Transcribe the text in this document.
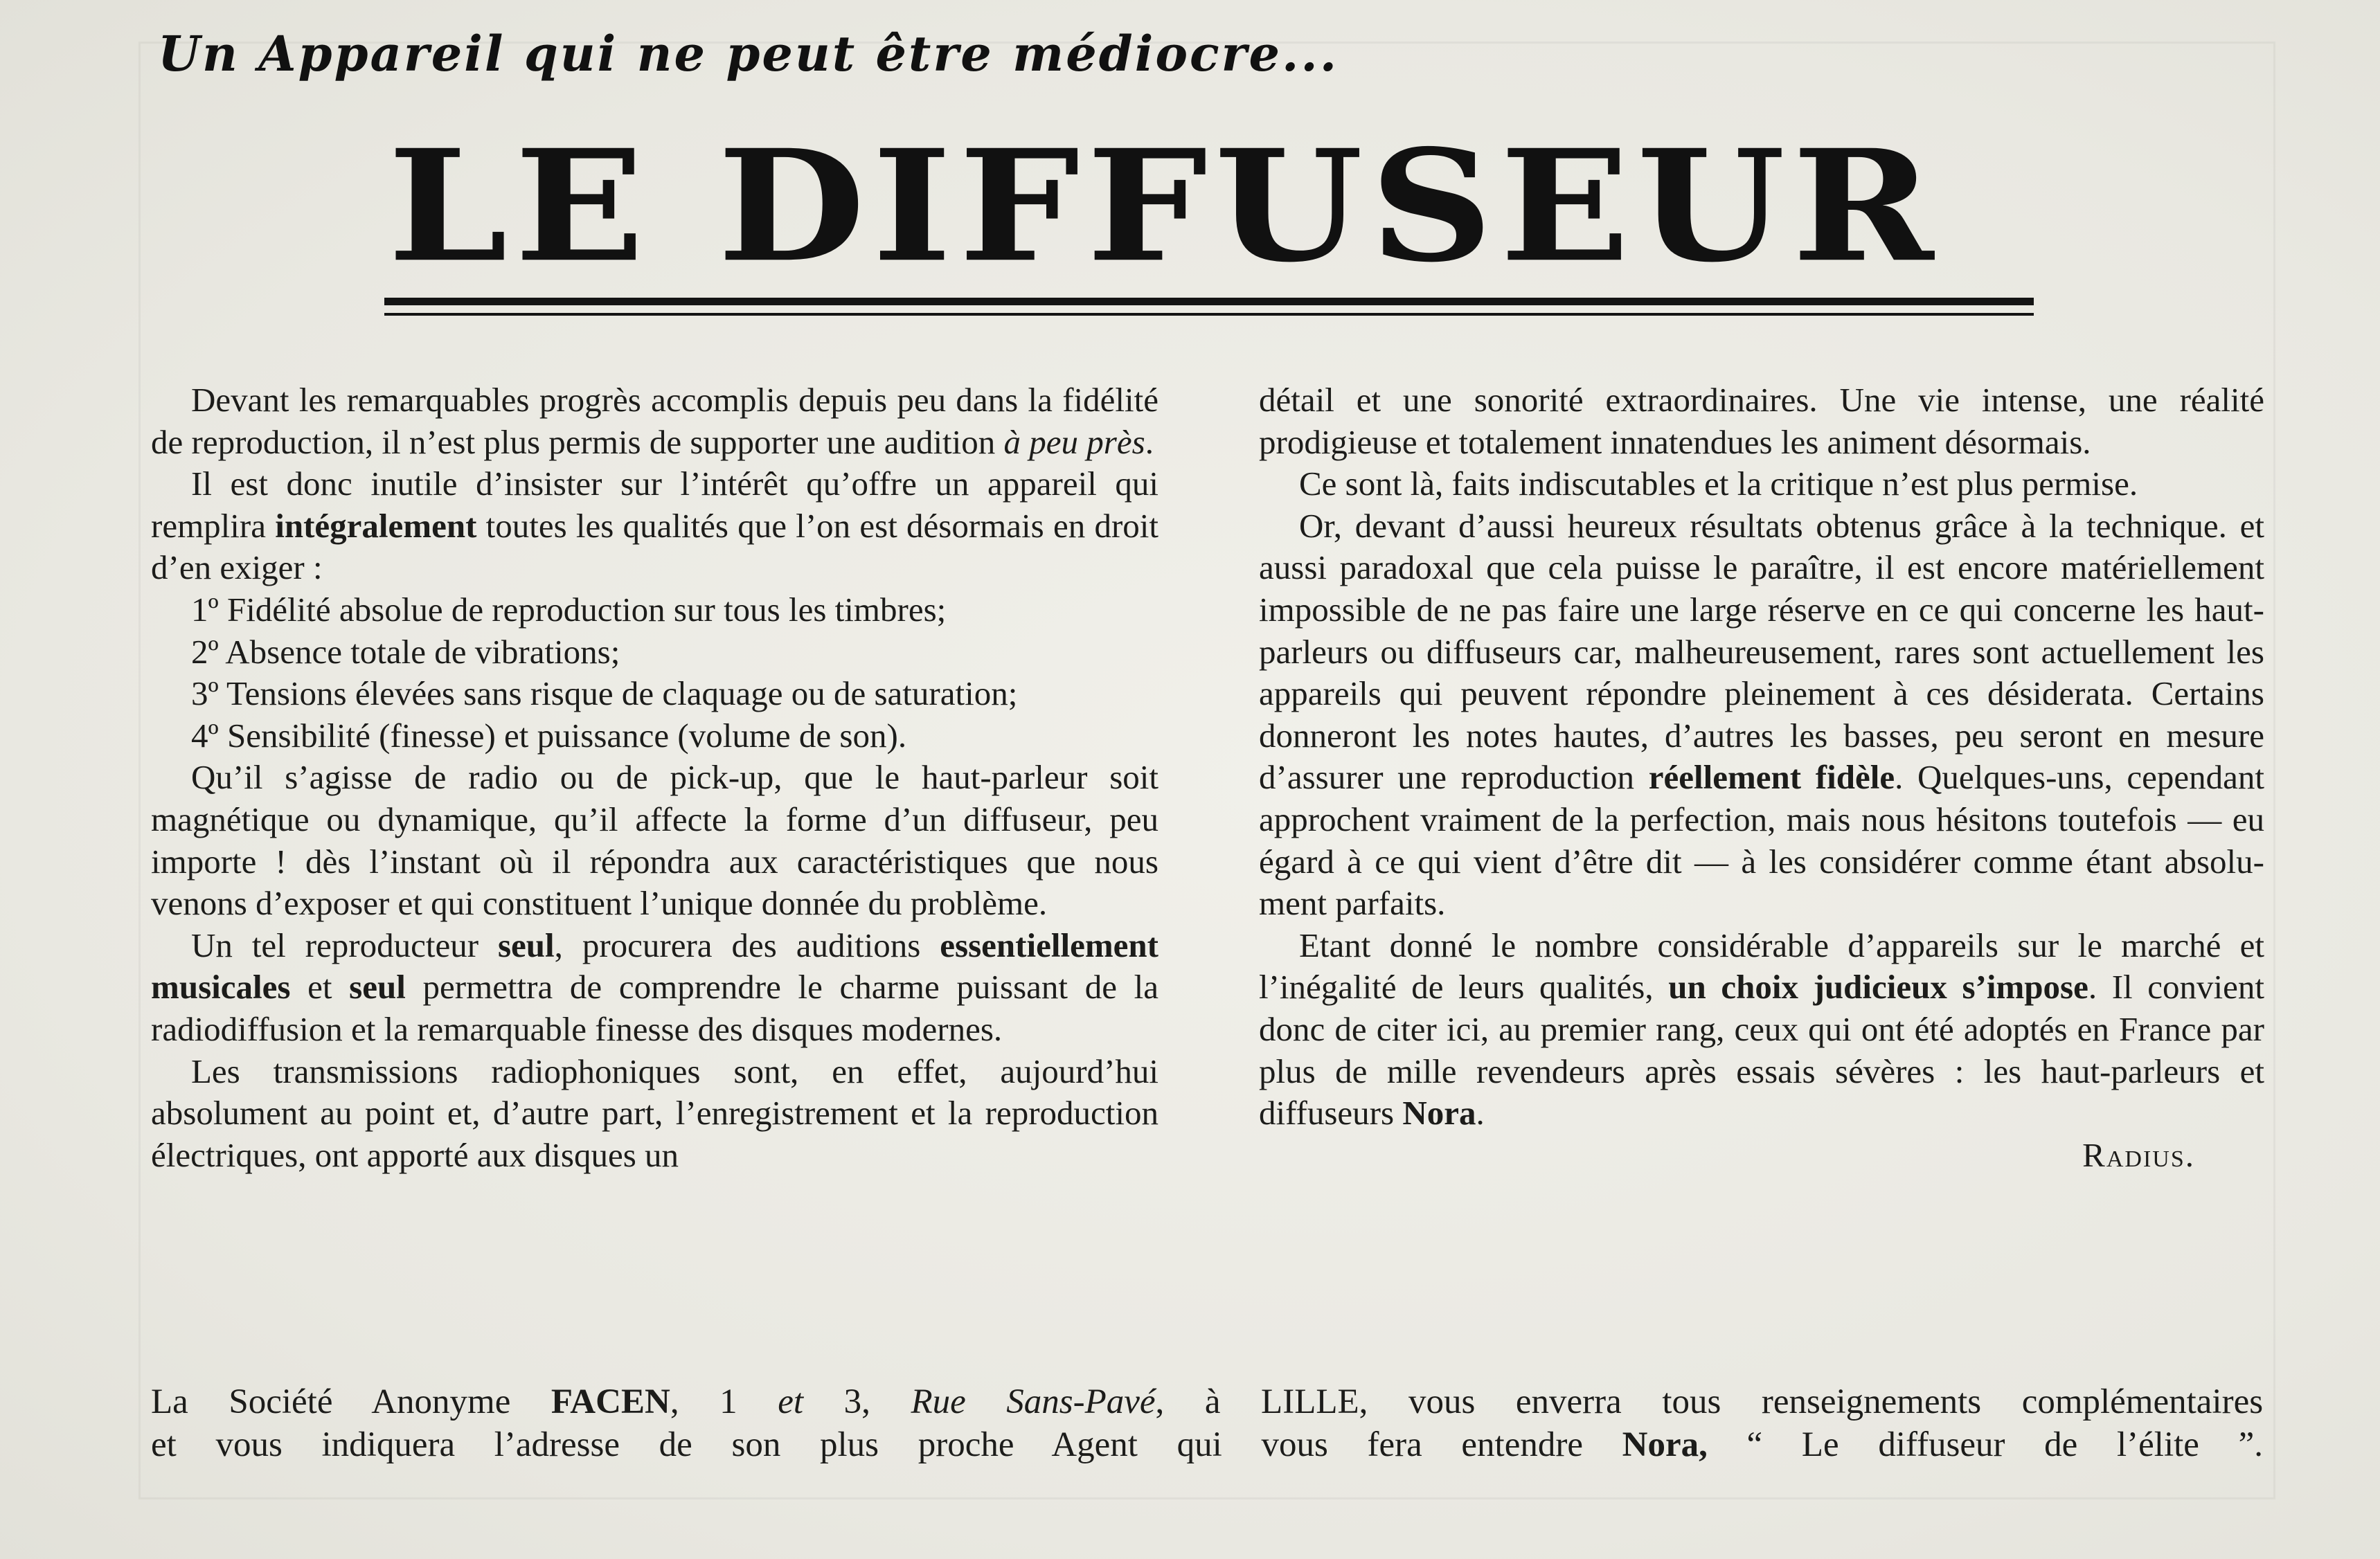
Un Appareil qui ne peut être médiocre...
LE DIFFUSEUR

Devant les remarquables progrès accomplis depuis peu dans la fidélité de reproduction, il n’est plus permis de supporter une audition à peu près.

Il est donc inutile d’insister sur l’intérêt qu’offre un appareil qui remplira intégralement toutes les qualités que l’on est désormais en droit d’en exiger :

1º Fidélité absolue de reproduction sur tous les timbres;

2º Absence totale de vibrations;

3º Tensions élevées sans risque de claquage ou de saturation;

4º Sensibilité (finesse) et puissance (volume de son).

Qu’il s’agisse de radio ou de pick-up, que le haut-parleur soit magnétique ou dynamique, qu’il affecte la forme d’un diffuseur, peu importe ! dès l’instant où il répondra aux caractéristiques que nous venons d’exposer et qui constituent l’unique donnée du problème.

Un tel reproducteur seul, procurera des auditions essentiellement musicales et seul permettra de comprendre le charme puissant de la radiodiffusion et la remarquable finesse des disques modernes.

Les transmissions radiophoniques sont, en effet, aujourd’hui absolument au point et, d’autre part, l’enregistrement et la reproduction électriques, ont apporté aux disques un

détail et une sonorité extraordinaires. Une vie intense, une réalité prodigieuse et totalement innatendues les animent désormais.

Ce sont là, faits indiscutables et la critique n’est plus permise.

Or, devant d’aussi heureux résultats obtenus grâce à la technique. et aussi paradoxal que cela puisse le paraître, il est encore matériellement impossible de ne pas faire une large réserve en ce qui concerne les haut-parleurs ou diffuseurs car, malheureusement, rares sont actuellement les appareils qui peuvent répondre pleinement à ces désiderata. Certains donneront les notes hautes, d’autres les basses, peu seront en mesure d’assurer une reproduction réellement fidèle. Quelques-uns, cependant approchent vraiment de la perfection, mais nous hésitons toutefois — eu égard à ce qui vient d’être dit — à les considérer comme étant absolument parfaits.

Etant donné le nombre considérable d’appareils sur le marché et l’inégalité de leurs qualités, un choix judicieux s’impose. Il convient donc de citer ici, au premier rang, ceux qui ont été adoptés en France par plus de mille revendeurs après essais sévères : les haut-parleurs et diffuseurs Nora.

Radius.

La Société Anonyme FACEN, 1 et 3, Rue Sans-Pavé, à LILLE, vous enverra tous renseignements complémentaires

et vous indiquera l’adresse de son plus proche Agent qui vous fera entendre Nora, “ Le diffuseur de l’élite ”.
